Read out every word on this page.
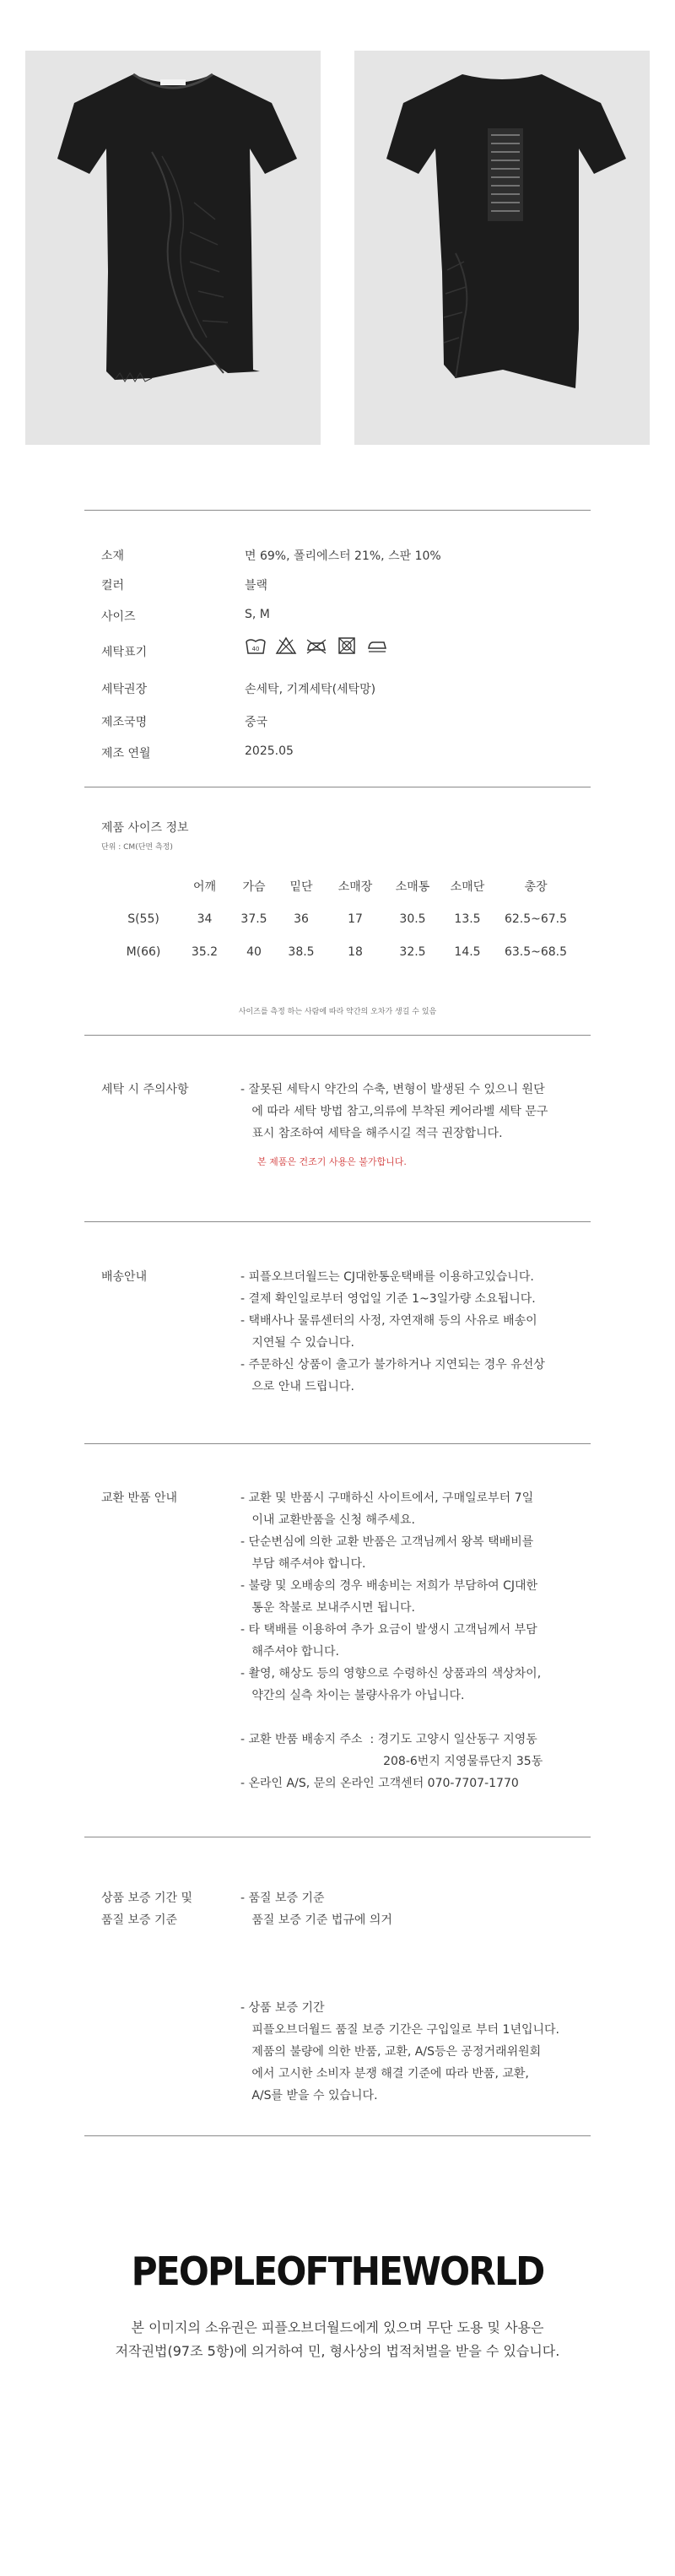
소재	면 69%, 폴리에스터 21%, 스판 10%
컬러	블랙
사이즈	S, M
세탁표기	40
세탁권장	손세탁, 기계세탁(세탁망)
제조국명	중국
제조 연월	2025.05
제품 사이즈 정보
단위 : CM(단면 측정)
	어깨	가슴	밑단	소매장	소매통	소매단	총장
S(55)	34	37.5	36	17	30.5	13.5	62.5~67.5
M(66)	35.2	40	38.5	18	32.5	14.5	63.5~68.5
사이즈를 측정 하는 사람에 따라 약간의 오차가 생길 수 있음
세탁 시 주의사항	- 잘못된 세탁시 약간의 수축, 변형이 발생된 수 있으니 원단

에 따라 세탁 방법 참고,의류에 부착된 케어라벨 세탁 문구

표시 참조하여 세탁을 해주시길 적극 권장합니다.

본 제품은 건조기 사용은 불가합니다.
배송안내	- 피플오브더월드는 CJ대한통운택배를 이용하고있습니다.

- 결제 확인일로부터 영업일 기준 1~3일가량 소요됩니다.

- 택배사나 물류센터의 사정, 자연재해 등의 사유로 배송이

지연될 수 있습니다.

- 주문하신 상품이 출고가 불가하거나 지연되는 경우 유선상

으로 안내 드립니다.

교환 반품 안내	- 교환 및 반품시 구매하신 사이트에서, 구매일로부터 7일

이내 교환반품을 신청 해주세요.

- 단순변심에 의한 교환 반품은 고객님께서 왕복 택배비를

부담 해주셔야 합니다.

- 불량 및 오배송의 경우 배송비는 저희가 부담하여 CJ대한

통운 착불로 보내주시면 됩니다.

- 타 택배를 이용하여 추가 요금이 발생시 고객님께서 부담

해주셔야 합니다.

- 촬영, 해상도 등의 영향으로 수령하신 상품과의 색상차이,

약간의 실측 차이는 불량사유가 아닙니다.

- 교환 반품 배송지 주소  : 경기도 고양시 일산동구 지영동

208-6번지 지영물류단지 35동

- 온라인 A/S, 문의 온라인 고객센터 070-7707-1770

상품 보증 기간 및
품질 보증 기준

- 품질 보증 기준

품질 보증 기준 법규에 의거

- 상품 보증 기간

피플오브더월드 품질 보증 기간은 구입일로 부터 1년입니다.

제품의 불량에 의한 반품, 교환, A/S등은 공정거래위원회

에서 고시한 소비자 분쟁 해결 기준에 따라 반품, 교환,

A/S를 받을 수 있습니다.

PEOPLEOFTHEWORLD
본 이미지의 소유권은 피플오브더월드에게 있으며 무단 도용 및 사용은
저작권법(97조 5항)에 의거하여 민, 형사상의 법적처벌을 받을 수 있습니다.
